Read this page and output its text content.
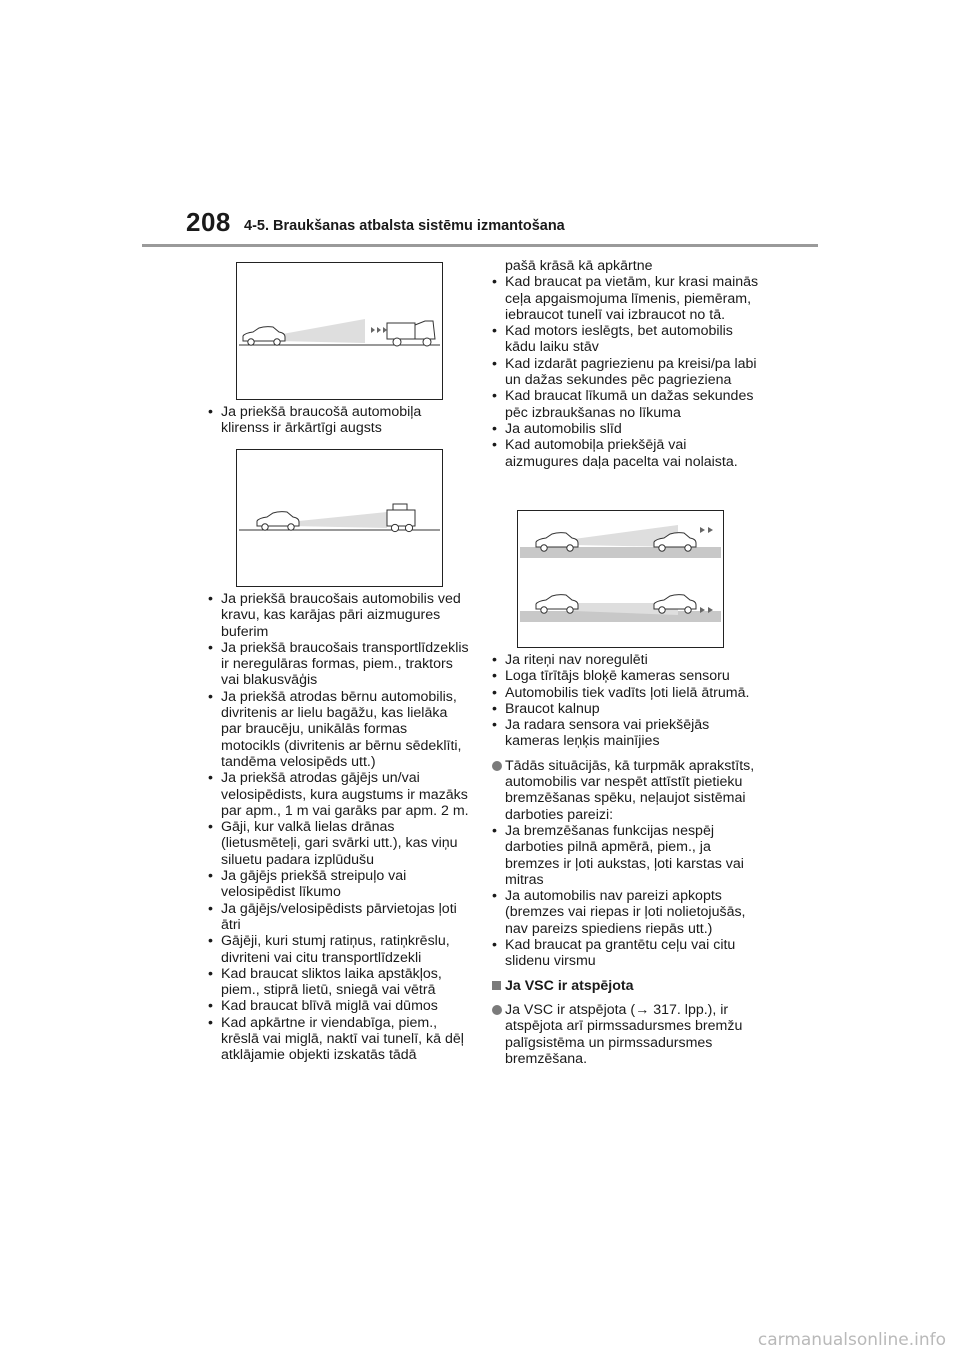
208 4-5. Braukšanas atbalsta sistēmu izmantošana
• Ja priekšā braucošā automobiļa klirenss ir ārkārtīgi augsts
• Ja priekšā braucošais automobilis ved kravu, kas karājas pāri aizmugures buferim
• Ja priekšā braucošais transportlīdzeklis ir neregulāras formas, piem., traktors vai blakusvāģis
• Ja priekšā atrodas bērnu automobilis, divritenis ar lielu bagāžu, kas lielāka par braucēju, unikālās formas motocikls (divritenis ar bērnu sēdeklīti, tandēma velosipēds utt.)
• Ja priekšā atrodas gājējs un/vai velosipēdists, kura augstums ir mazāks par apm., 1 m vai garāks par apm. 2 m.
• Gāji, kur valkā lielas drānas (lietusmēteļi, gari svārki utt.), kas viņu siluetu padara izplūdušu
• Ja gājējs priekšā streipuļo vai velosipēdist līkumo
• Ja gājējs/velosipēdists pārvietojas ļoti ātri
• Gājēji, kuri stumj ratiņus, ratiņkrēslu, divriteni vai citu transportlīdzekli
• Kad braucat sliktos laika apstākļos, piem., stiprā lietū, sniegā vai vētrā
• Kad braucat blīvā miglā vai dūmos
• Kad apkārtne ir viendabīga, piem., krēslā vai miglā, naktī vai tunelī, kā dēļ atklājamie objekti izskatās tādā
pašā krāsā kā apkārtne
• Kad braucat pa vietām, kur krasi mainās ceļa apgaismojuma līmenis, piemēram, iebraucot tunelī vai izbraucot no tā.
• Kad motors ieslēgts, bet automobilis kādu laiku stāv
• Kad izdarāt pagriezienu pa kreisi/pa labi un dažas sekundes pēc pagrieziena
• Kad braucat līkumā un dažas sekundes pēc izbraukšanas no līkuma
• Ja automobilis slīd
• Kad automobiļa priekšējā vai aizmugures daļa pacelta vai nolaista.
• Ja riteņi nav noregulēti
• Loga tīrītājs bloķē kameras sensoru
• Automobilis tiek vadīts ļoti lielā ātrumā.
• Braucot kalnup
• Ja radara sensora vai priekšējās kameras leņķis mainījies
Tādās situācijās, kā turpmāk aprakstīts, automobilis var nespēt attīstīt pietieku bremzēšanas spēku, neļaujot sistēmai darboties pareizi:
• Ja bremzēšanas funkcijas nespēj darboties pilnā apmērā, piem., ja bremzes ir ļoti aukstas, ļoti karstas vai mitras
• Ja automobilis nav pareizi apkopts (bremzes vai riepas ir ļoti nolietojušās, nav pareizs spiediens riepās utt.)
• Kad braucat pa grantētu ceļu vai citu slidenu virsmu
Ja VSC ir atspējota
Ja VSC ir atspējota (→ 317. lpp.), ir atspējota arī pirmssadursmes bremžu palīgsistēma un pirmssadursmes bremzēšana.
carmanualsonline.info
